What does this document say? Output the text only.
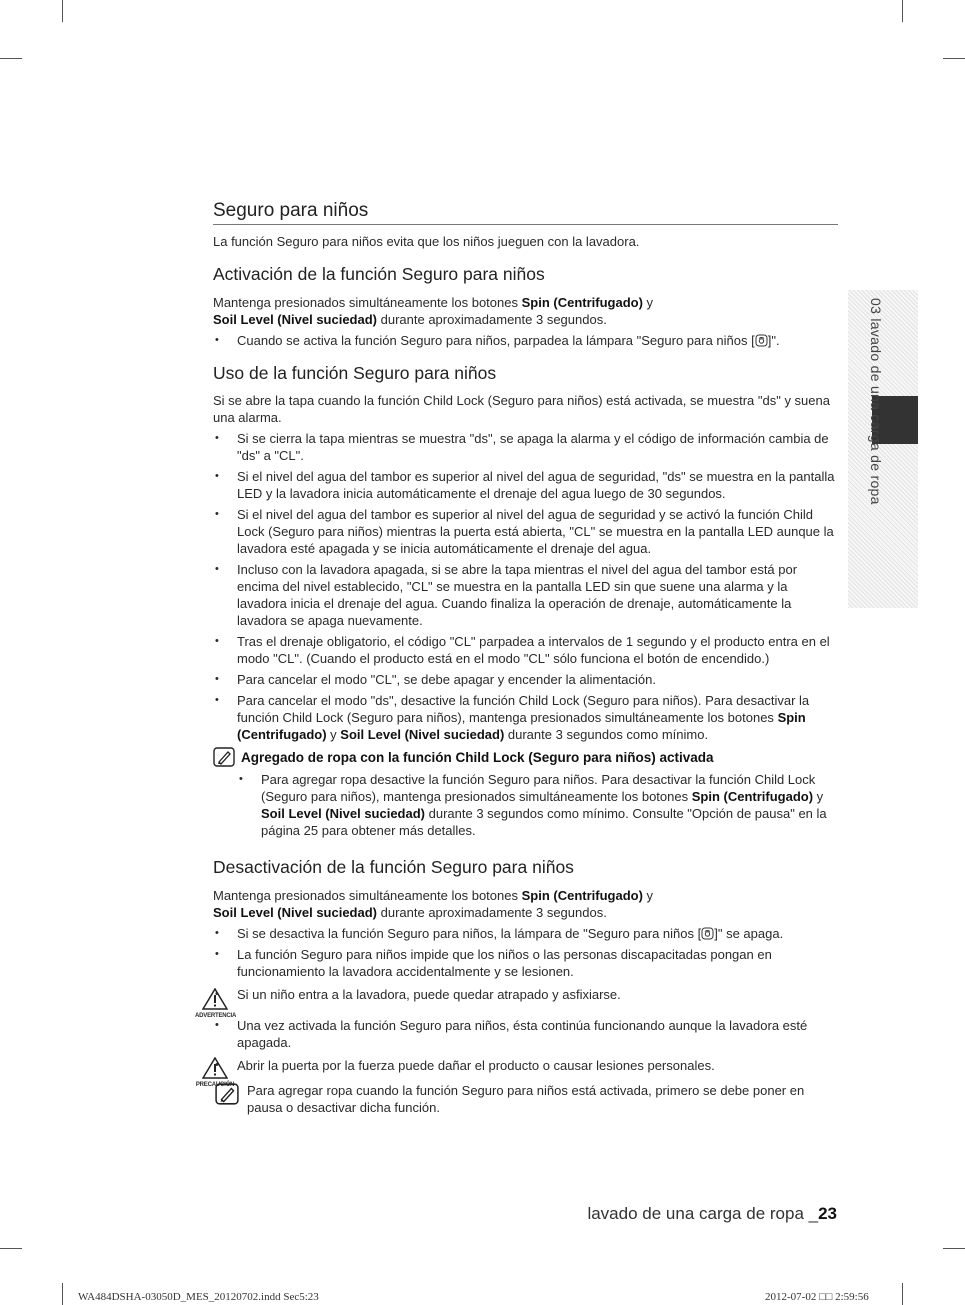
Seguro para niños

La función Seguro para niños evita que los niños jueguen con la lavadora.

Activación de la función Seguro para niños

Mantenga presionados simultáneamente los botones Spin (Centrifugado) y
Soil Level (Nivel suciedad) durante aproximadamente 3 segundos.

• Cuando se activa la función Seguro para niños, parpadea la lámpara "Seguro para niños [ ]".
Uso de la función Seguro para niños

Si se abre la tapa cuando la función Child Lock (Seguro para niños) está activada, se muestra "ds" y suena una alarma.

• Si se cierra la tapa mientras se muestra "ds", se apaga la alarma y el código de información cambia de "ds" a "CL".
• Si el nivel del agua del tambor es superior al nivel del agua de seguridad, "ds" se muestra en la pantalla LED y la lavadora inicia automáticamente el drenaje del agua luego de 30 segundos.
• Si el nivel del agua del tambor es superior al nivel del agua de seguridad y se activó la función Child Lock (Seguro para niños) mientras la puerta está abierta, "CL" se muestra en la pantalla LED aunque la lavadora esté apagada y se inicia automáticamente el drenaje del agua.
• Incluso con la lavadora apagada, si se abre la tapa mientras el nivel del agua del tambor está por encima del nivel establecido, "CL" se muestra en la pantalla LED sin que suene una alarma y la lavadora inicia el drenaje del agua. Cuando finaliza la operación de drenaje, automáticamente la lavadora se apaga nuevamente.
• Tras el drenaje obligatorio, el código "CL" parpadea a intervalos de 1 segundo y el producto entra en el modo "CL". (Cuando el producto está en el modo "CL" sólo funciona el botón de encendido.)
• Para cancelar el modo "CL", se debe apagar y encender la alimentación.
• Para cancelar el modo "ds", desactive la función Child Lock (Seguro para niños). Para desactivar la función Child Lock (Seguro para niños), mantenga presionados simultáneamente los botones Spin (Centrifugado) y Soil Level (Nivel suciedad) durante 3 segundos como mínimo.
Agregado de ropa con la función Child Lock (Seguro para niños) activada
• Para agregar ropa desactive la función Seguro para niños. Para desactivar la función Child Lock (Seguro para niños), mantenga presionados simultáneamente los botones Spin (Centrifugado) y Soil Level (Nivel suciedad) durante 3 segundos como mínimo. Consulte "Opción de pausa" en la página 25 para obtener más detalles.
Desactivación de la función Seguro para niños

Mantenga presionados simultáneamente los botones Spin (Centrifugado) y
Soil Level (Nivel suciedad) durante aproximadamente 3 segundos.

• Si se desactiva la función Seguro para niños, la lámpara de "Seguro para niños [ ]" se apaga.
• La función Seguro para niños impide que los niños o las personas discapacitadas pongan en funcionamiento la lavadora accidentalmente y se lesionen.
ADVERTENCIA
• Si un niño entra a la lavadora, puede quedar atrapado y asfixiarse.
• Una vez activada la función Seguro para niños, ésta continúa funcionando aunque la lavadora esté apagada.
PRECAUCIÓN
• Abrir la puerta por la fuerza puede dañar el producto o causar lesiones personales.

Para agregar ropa cuando la función Seguro para niños está activada, primero se debe poner en pausa o desactivar dicha función.

03 lavado de una carga de ropa
lavado de una carga de ropa _23
WA484DSHA-03050D_MES_20120702.indd Sec5:23	2012-07-02 □□ 2:59:56
